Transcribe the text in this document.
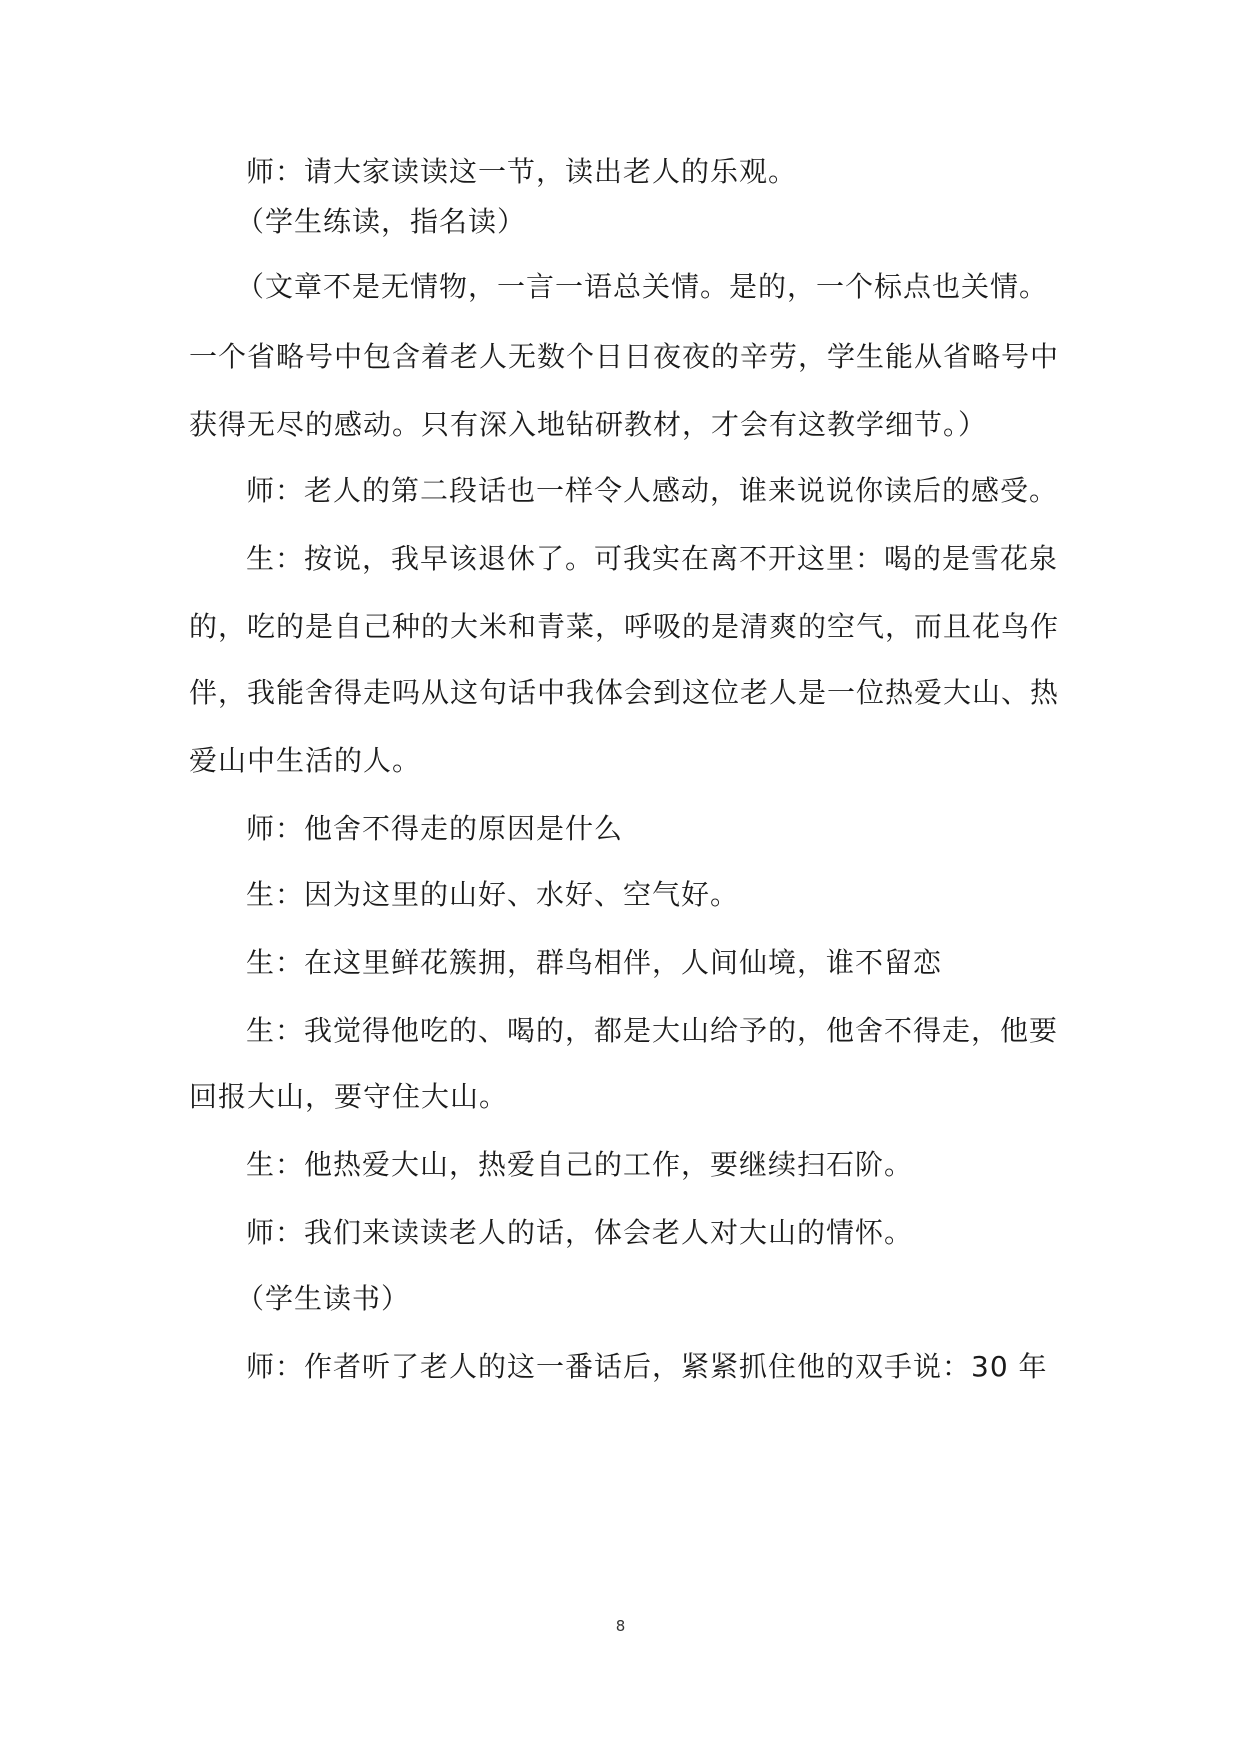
师：请大家读读这一节，读出老人的乐观。
（学生练读，指名读）
（文章不是无情物，一言一语总关情。是的，一个标点也关情。
一个省略号中包含着老人无数个日日夜夜的辛劳，学生能从省略号中
获得无尽的感动。只有深入地钻研教材，才会有这教学细节。）
师：老人的第二段话也一样令人感动，谁来说说你读后的感受。
生：按说，我早该退休了。可我实在离不开这里：喝的是雪花泉
的，吃的是自己种的大米和青菜，呼吸的是清爽的空气，而且花鸟作
伴，我能舍得走吗从这句话中我体会到这位老人是一位热爱大山、热
爱山中生活的人。
师：他舍不得走的原因是什么
生：因为这里的山好、水好、空气好。
生：在这里鲜花簇拥，群鸟相伴，人间仙境，谁不留恋
生：我觉得他吃的、喝的，都是大山给予的，他舍不得走，他要
回报大山，要守住大山。
生：他热爱大山，热爱自己的工作，要继续扫石阶。
师：我们来读读老人的话，体会老人对大山的情怀。
（学生读书）
师：作者听了老人的这一番话后，紧紧抓住他的双手说：30 年
8
